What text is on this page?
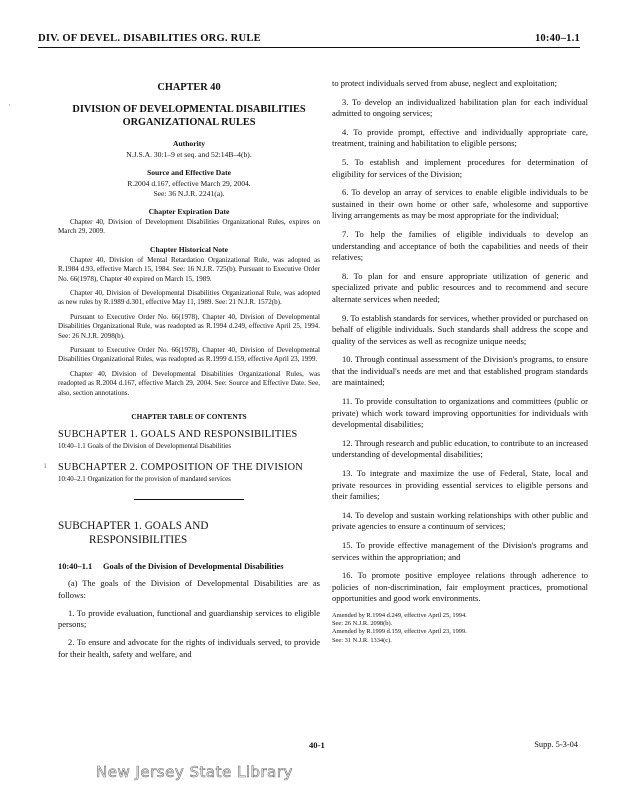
DIV. OF DEVEL. DISABILITIES ORG. RULE	10:40–1.1
CHAPTER 40
DIVISION OF DEVELOPMENTAL DISABILITIES
ORGANIZATIONAL RULES
Authority
N.J.S.A. 30:1–9 et seq. and 52:14B–4(b).
Source and Effective Date
R.2004 d.167, effective March 29, 2004.
See: 36 N.J.R. 2241(a).
Chapter Expiration Date

Chapter 40, Division of Development Disabilities Organizational Rules, expires on March 29, 2009.

Chapter Historical Note

Chapter 40, Division of Mental Retardation Organizational Rule, was adopted as R.1984 d.93, effective March 15, 1984. See: 16 N.J.R. 725(b). Pursuant to Executive Order No. 66(1978), Chapter 40 expired on March 15, 1989.

Chapter 40, Division of Developmental Disabilities Organizational Rule, was adopted as new rules by R.1989 d.301, effective May 11, 1989. See: 21 N.J.R. 1572(b).

Pursuant to Executive Order No. 66(1978), Chapter 40, Division of Developmental Disabilities Organizational Rule, was readopted as R.1994 d.249, effective April 25, 1994. See: 26 N.J.R. 2098(b).

Pursuant to Executive Order No. 66(1978), Chapter 40, Division of Developmental Disabilities Organizational Rules, was readopted as R.1999 d.159, effective April 23, 1999.

Chapter 40, Division of Developmental Disabilities Organizational Rules, was readopted as R.2004 d.167, effective March 29, 2004. See: Source and Effective Date. See, also, section annotations.

CHAPTER TABLE OF CONTENTS
SUBCHAPTER 1. GOALS AND RESPONSIBILITIES
10:40–1.1 Goals of the Division of Developmental Disabilities
SUBCHAPTER 2. COMPOSITION OF THE DIVISION
10:40–2.1 Organization for the provision of mandated services
SUBCHAPTER 1. GOALS AND
RESPONSIBILITIES
10:40–1.1	Goals of the Division of Developmental Disabilities

(a) The goals of the Division of Developmental Disabilities are as follows:

1. To provide evaluation, functional and guardianship services to eligible persons;

2. To ensure and advocate for the rights of individuals served, to provide for their health, safety and welfare, and

to protect individuals served from abuse, neglect and exploitation;

3. To develop an individualized habilitation plan for each individual admitted to ongoing services;

4. To provide prompt, effective and individually appropriate care, treatment, training and habilitation to eligible persons;

5. To establish and implement procedures for determination of eligibility for services of the Division;

6. To develop an array of services to enable eligible individuals to be sustained in their own home or other safe, wholesome and supportive living arrangements as may be most appropriate for the individual;

7. To help the families of eligible individuals to develop an understanding and acceptance of both the capabilities and needs of their relatives;

8. To plan for and ensure appropriate utilization of generic and specialized private and public resources and to recommend and secure alternate services when needed;

9. To establish standards for services, whether provided or purchased on behalf of eligible individuals. Such standards shall address the scope and quality of the services as well as recognize unique needs;

10. Through continual assessment of the Division's programs, to ensure that the individual's needs are met and that established program standards are maintained;

11. To provide consultation to organizations and committees (public or private) which work toward improving opportunities for individuals with developmental disabilities;

12. Through research and public education, to contribute to an increased understanding of developmental disabilities;

13. To integrate and maximize the use of Federal, State, local and private resources in providing essential services to eligible persons and their families;

14. To develop and sustain working relationships with other public and private agencies to ensure a continuum of services;

15. To provide effective management of the Division's programs and services within the appropriation; and

16. To promote positive employee relations through adherence to policies of non-discrimination, fair employment practices, promotional opportunities and good work environments.

Amended by R.1994 d.249, effective April 25, 1994.
See: 26 N.J.R. 2098(b).
Amended by R.1999 d.159, effective April 23, 1999.
See: 31 N.J.R. 1334(c).
40-1	Supp. 5-3-04
New Jersey State Library
·
ı
